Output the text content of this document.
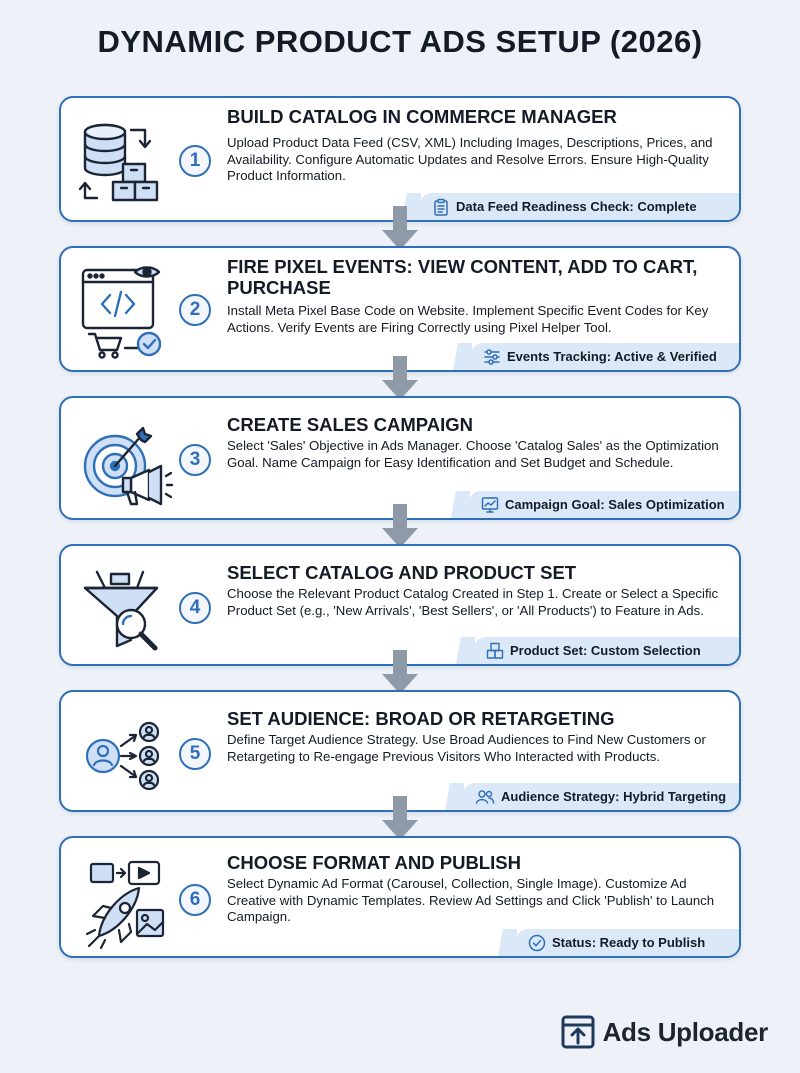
DYNAMIC PRODUCT ADS SETUP (2026)
1
BUILD CATALOG IN COMMERCE MANAGER
Upload Product Data Feed (CSV, XML) Including Images, Descriptions, Prices, and Availability. Configure Automatic Updates and Resolve Errors. Ensure High-Quality Product Information.
Data Feed Readiness Check: Complete
2
FIRE PIXEL EVENTS: VIEW CONTENT, ADD TO CART, PURCHASE
Install Meta Pixel Base Code on Website. Implement Specific Event Codes for Key Actions. Verify Events are Firing Correctly using Pixel Helper Tool.
Events Tracking: Active & Verified
3
CREATE SALES CAMPAIGN
Select 'Sales' Objective in Ads Manager. Choose 'Catalog Sales' as the Optimization Goal. Name Campaign for Easy Identification and Set Budget and Schedule.
Campaign Goal: Sales Optimization
4
SELECT CATALOG AND PRODUCT SET
Choose the Relevant Product Catalog Created in Step 1. Create or Select a Specific Product Set (e.g., 'New Arrivals', 'Best Sellers', or 'All Products') to Feature in Ads.
Product Set: Custom Selection
5
SET AUDIENCE: BROAD OR RETARGETING
Define Target Audience Strategy. Use Broad Audiences to Find New Customers or Retargeting to Re-engage Previous Visitors Who Interacted with Products.
Audience Strategy: Hybrid Targeting
6
CHOOSE FORMAT AND PUBLISH
Select Dynamic Ad Format (Carousel, Collection, Single Image). Customize Ad Creative with Dynamic Templates. Review Ad Settings and Click 'Publish' to Launch Campaign.
Status: Ready to Publish
Ads Uploader
